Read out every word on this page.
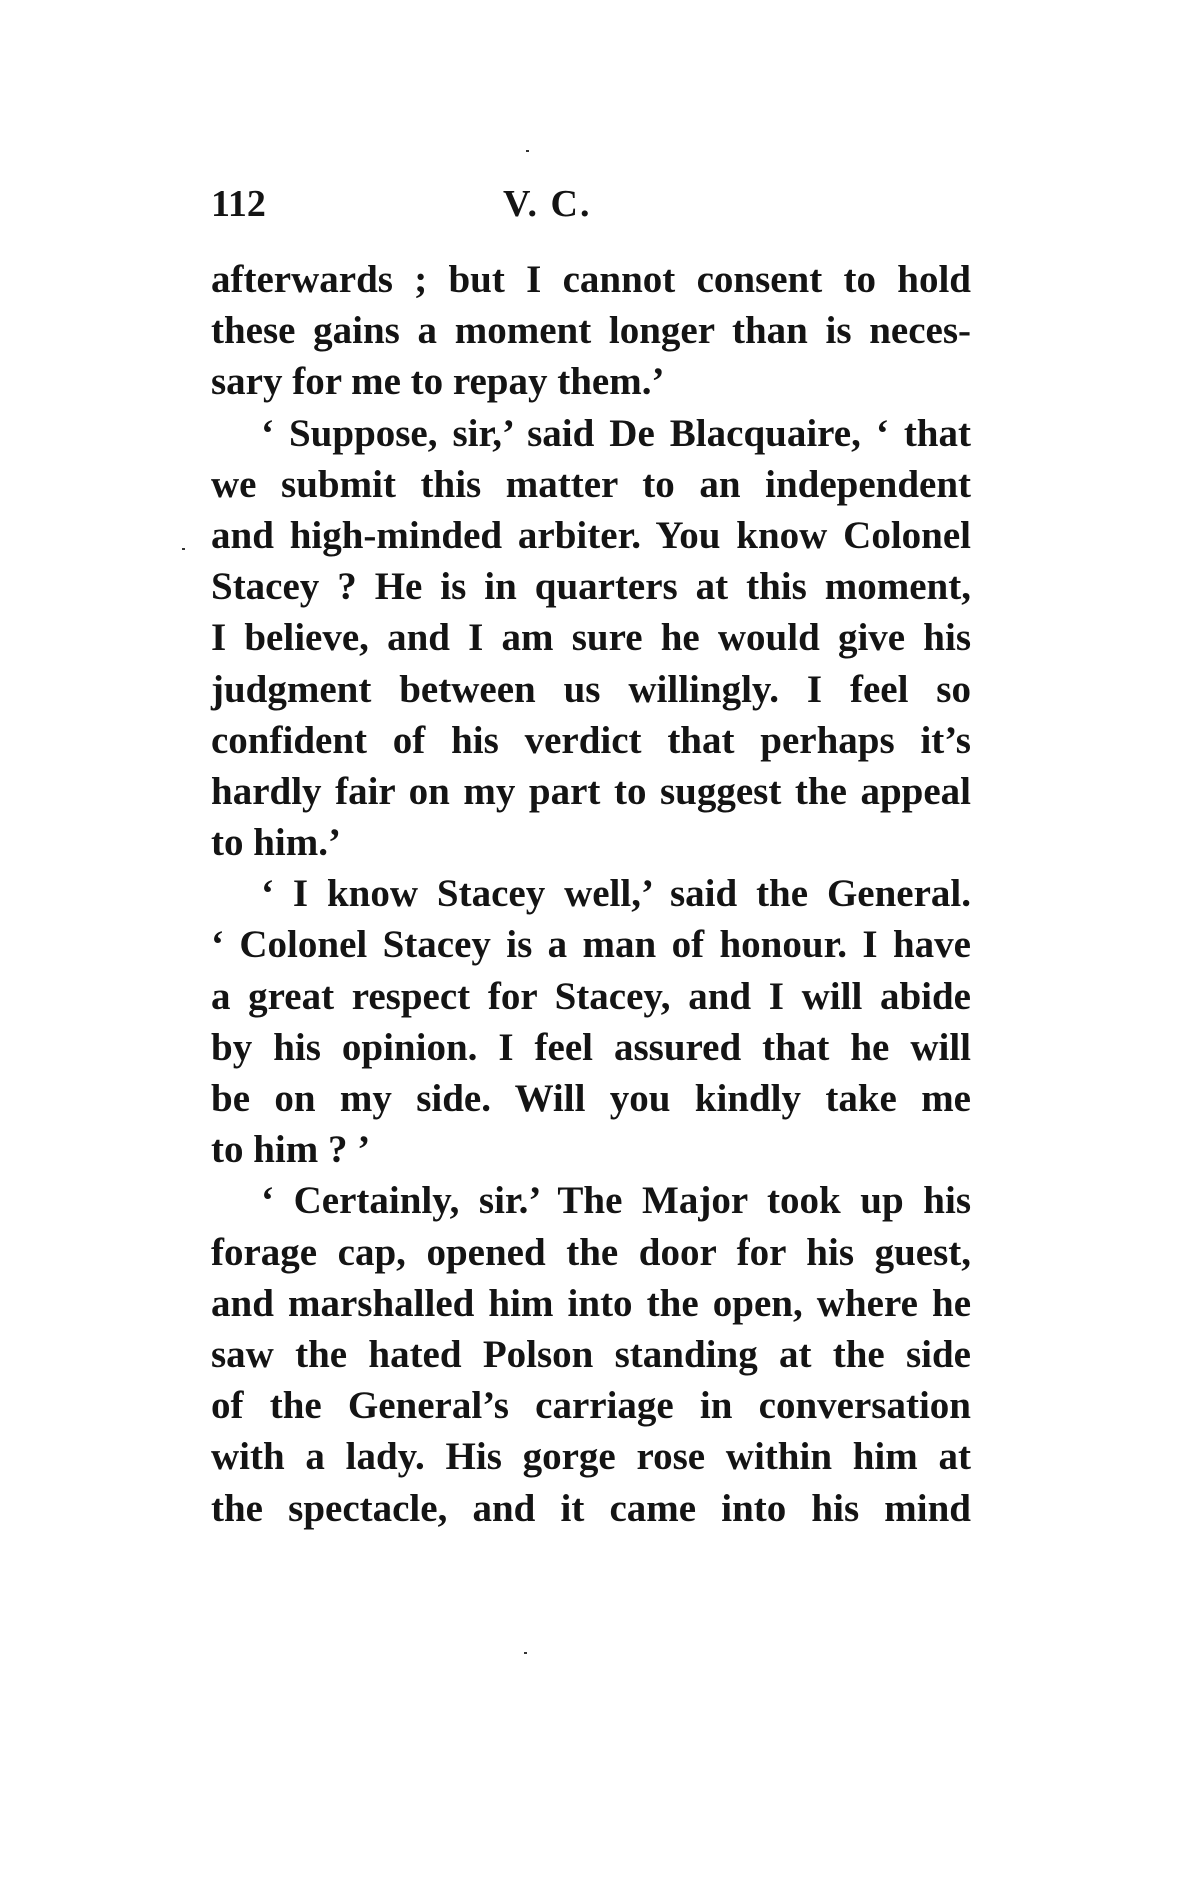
112	V. C.
afterwards ; but I cannot consent to hold
these gains a moment longer than is neces-
sary for me to repay them.’
‘ Suppose, sir,’ said De Blacquaire, ‘ that
we submit this matter to an independent
and high-minded arbiter. You know Colonel
Stacey ? He is in quarters at this moment,
I believe, and I am sure he would give his
judgment between us willingly. I feel so
confident of his verdict that perhaps it’s
hardly fair on my part to suggest the appeal
to him.’
‘ I know Stacey well,’ said the General.
‘ Colonel Stacey is a man of honour. I have
a great respect for Stacey, and I will abide
by his opinion. I feel assured that he will
be on my side. Will you kindly take me
to him ? ’
‘ Certainly, sir.’ The Major took up his
forage cap, opened the door for his guest,
and marshalled him into the open, where he
saw the hated Polson standing at the side
of the General’s carriage in conversation
with a lady. His gorge rose within him at
the spectacle, and it came into his mind
